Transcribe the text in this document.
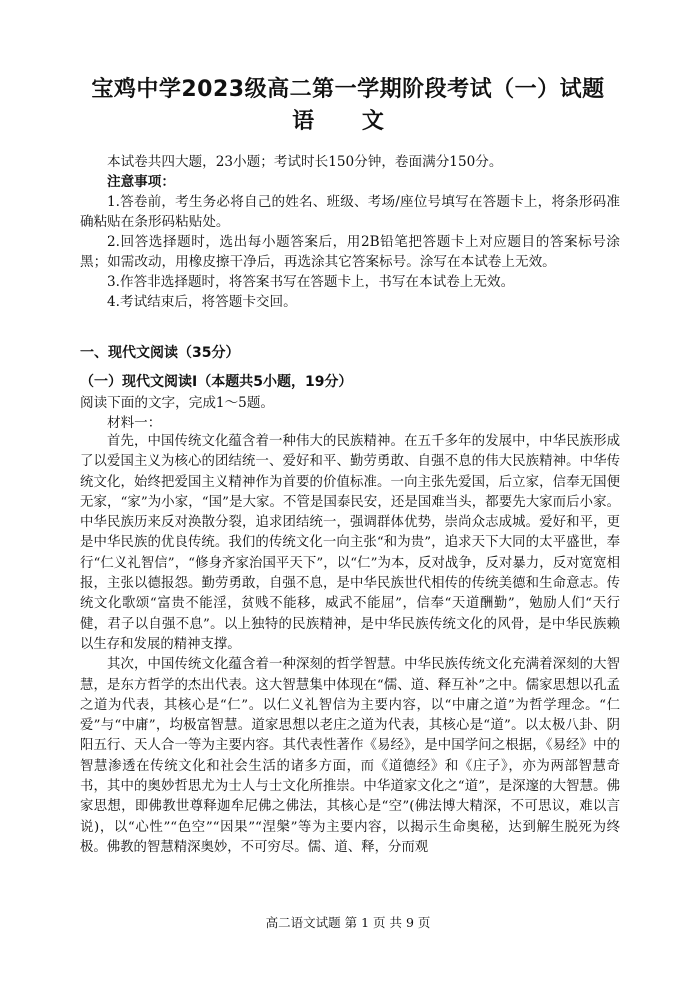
宝鸡中学2023级高二第一学期阶段考试（一）试题
语 文

本试卷共四大题，23小题；考试时长150分钟，卷面满分150分。

注意事项：

1.答卷前，考生务必将自己的姓名、班级、考场/座位号填写在答题卡上，将条形码准确粘贴在条形码粘贴处。

2.回答选择题时，选出每小题答案后，用2B铅笔把答题卡上对应题目的答案标号涂黑；如需改动，用橡皮擦干净后，再选涂其它答案标号。涂写在本试卷上无效。

3.作答非选择题时，将答案书写在答题卡上，书写在本试卷上无效。

4.考试结束后，将答题卡交回。

一、现代文阅读（35分）
（一）现代文阅读Ⅰ（本题共5小题，19分）

阅读下面的文字，完成1～5题。

材料一：

首先，中国传统文化蕴含着一种伟大的民族精神。在五千多年的发展中，中华民族形成了以爱国主义为核心的团结统一、爱好和平、勤劳勇敢、自强不息的伟大民族精神。中华传统文化，始终把爱国主义精神作为首要的价值标准。一向主张先爱国，后立家，信奉无国便无家，“家”为小家，“国”是大家。不管是国泰民安，还是国难当头，都要先大家而后小家。中华民族历来反对涣散分裂，追求团结统一，强调群体优势，崇尚众志成城。爱好和平，更是中华民族的优良传统。我们的传统文化一向主张“和为贵”，追求天下大同的太平盛世，奉行“仁义礼智信”，“修身齐家治国平天下”，以“仁”为本，反对战争，反对暴力，反对宽宽相报，主张以德报怨。勤劳勇敢，自强不息，是中华民族世代相传的传统美德和生命意志。传统文化歌颂“富贵不能淫，贫贱不能移，威武不能屈”，信奉“天道酬勤”，勉励人们“天行健，君子以自强不息”。以上独特的民族精神，是中华民族传统文化的风骨，是中华民族赖以生存和发展的精神支撑。

其次，中国传统文化蕴含着一种深刻的哲学智慧。中华民族传统文化充满着深刻的大智慧，是东方哲学的杰出代表。这大智慧集中体现在“儒、道、释互补”之中。儒家思想以孔孟之道为代表，其核心是“仁”。以仁义礼智信为主要内容，以“中庸之道”为哲学理念。“仁爱”与“中庸”，均极富智慧。道家思想以老庄之道为代表，其核心是“道”。以太极八卦、阴阳五行、天人合一等为主要内容。其代表性著作《易经》，是中国学问之根据，《易经》中的智慧渗透在传统文化和社会生活的诸多方面，而《道德经》和《庄子》，亦为两部智慧奇书，其中的奥妙哲思尤为士人与士文化所推崇。中华道家文化之“道”，是深邃的大智慧。佛家思想，即佛教世尊释迦牟尼佛之佛法，其核心是“空”(佛法博大精深，不可思议，难以言说)，以“心性”“色空”“因果”“涅槃”等为主要内容，以揭示生命奥秘，达到解生脱死为终极。佛教的智慧精深奥妙，不可穷尽。儒、道、释，分而观

高二语文试题 第 1 页 共 9 页
